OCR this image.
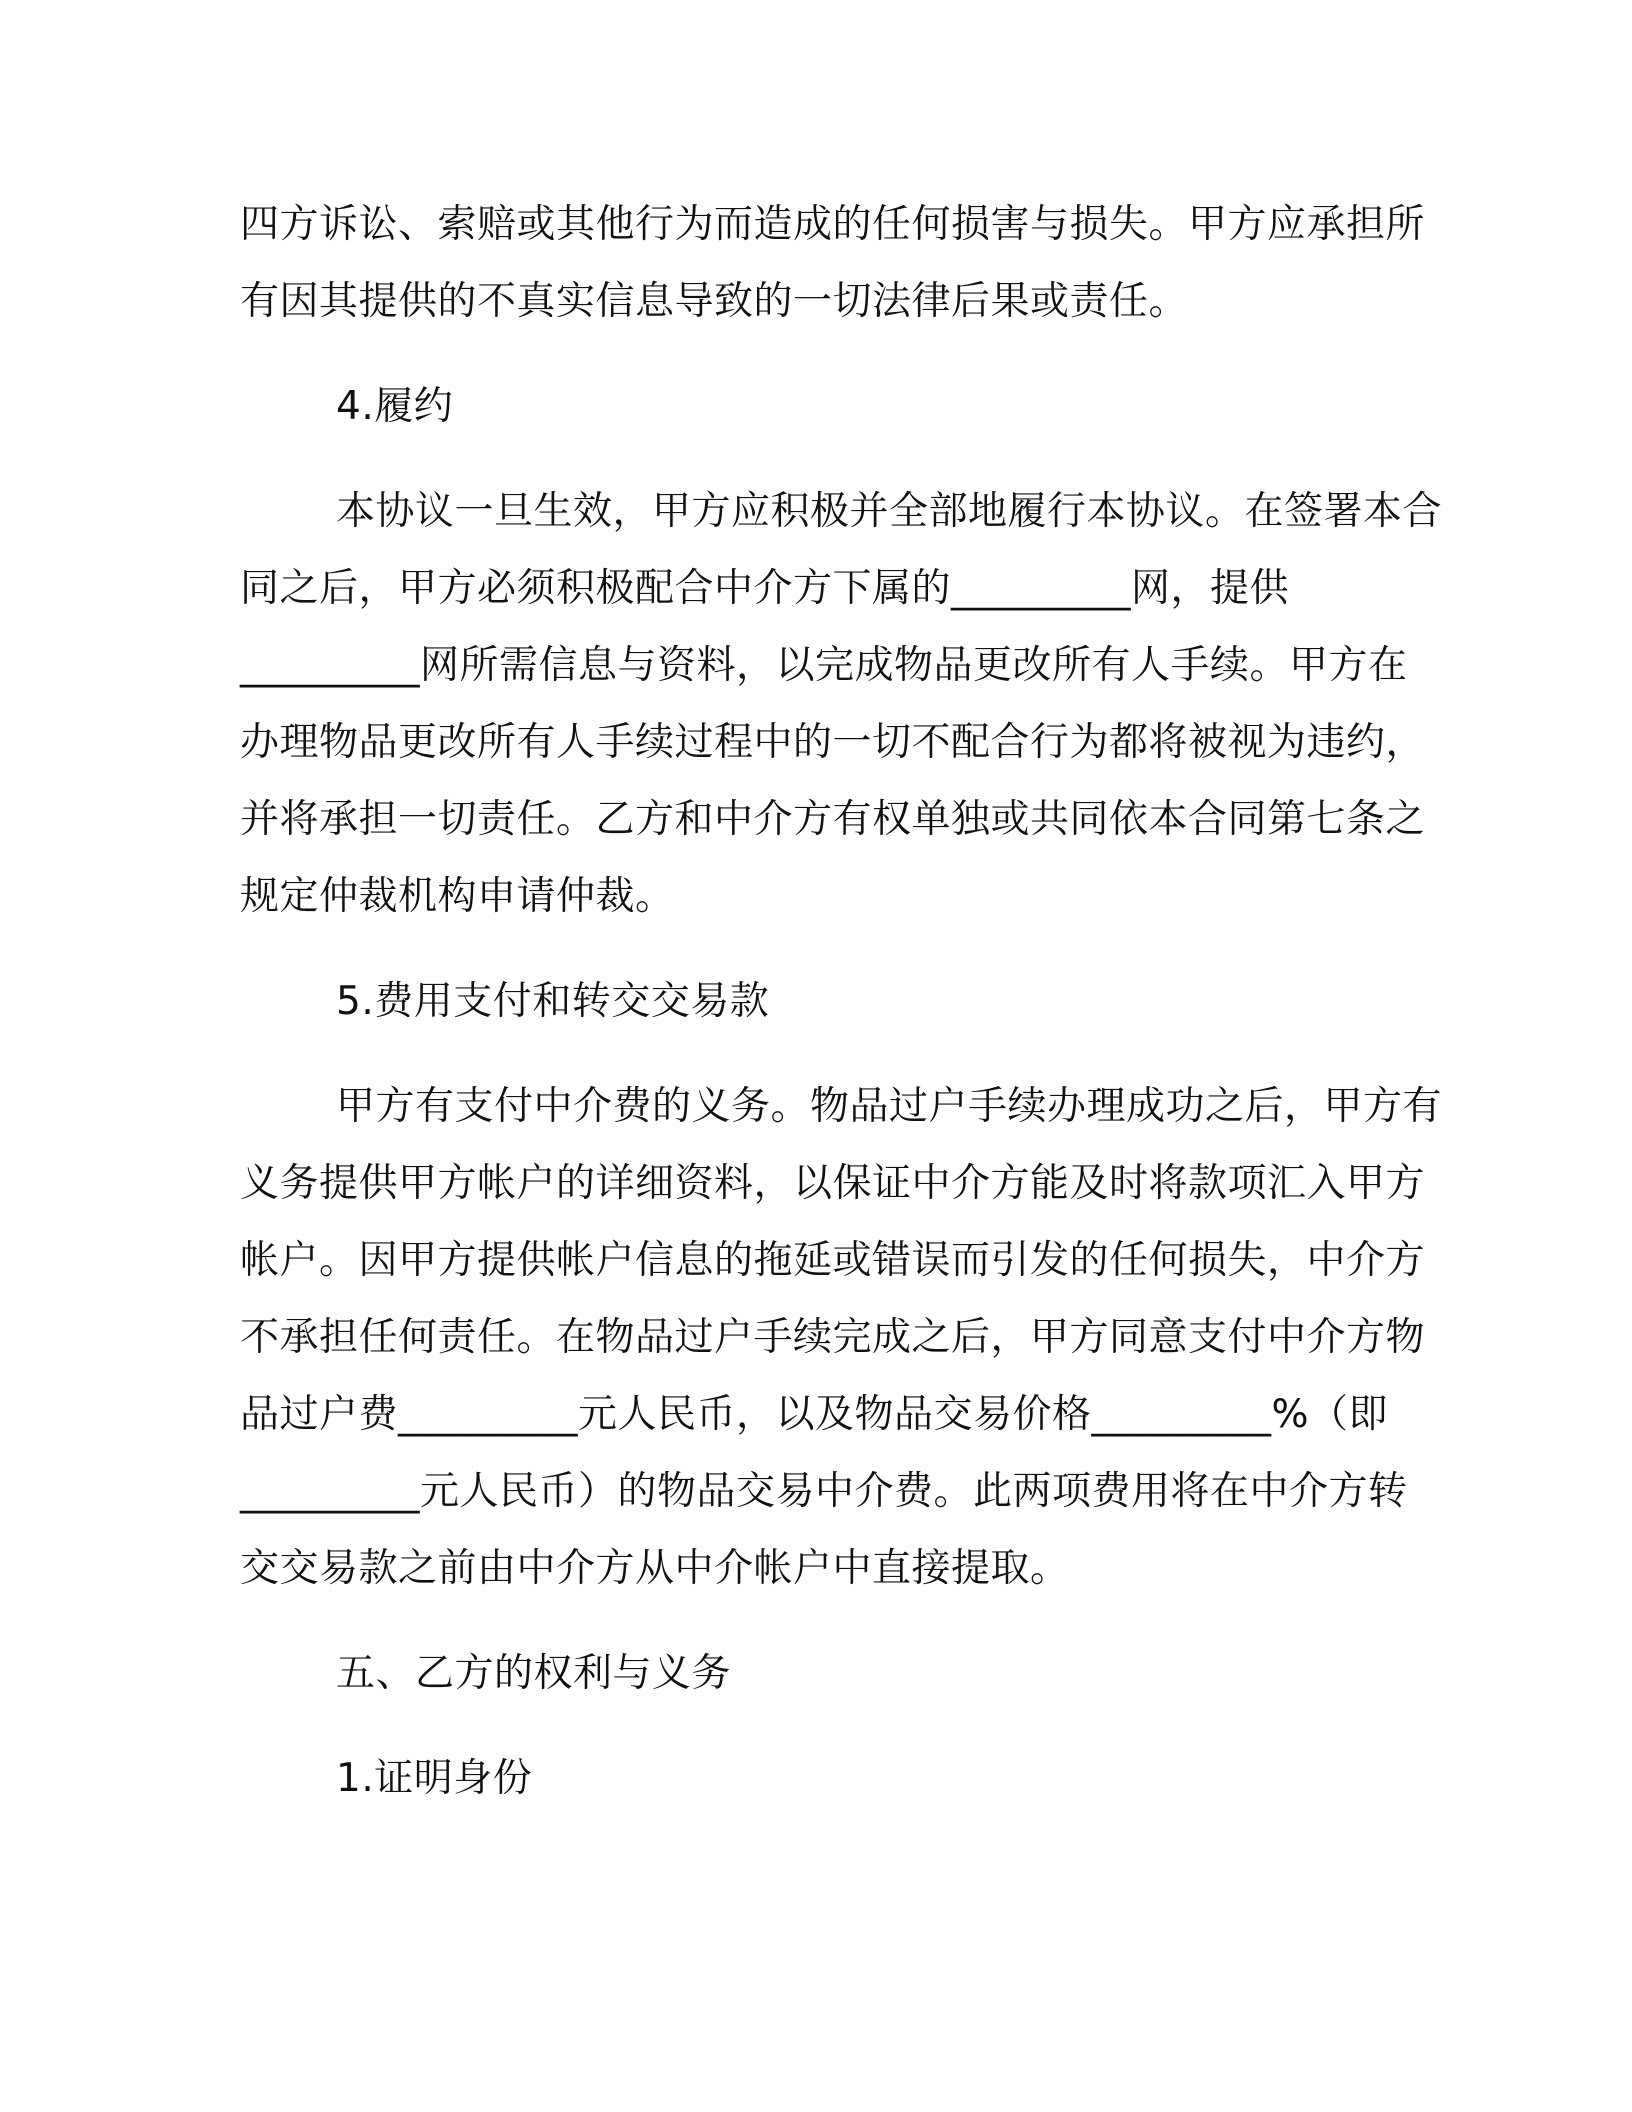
四方诉讼、索赔或其他行为而造成的任何损害与损失。甲方应承担所
有因其提供的不真实信息导致的一切法律后果或责任。
4.履约
本协议一旦生效，甲方应积极并全部地履行本协议。在签署本合
同之后，甲方必须积极配合中介方下属的_________网，提供
_________网所需信息与资料，以完成物品更改所有人手续。甲方在
办理物品更改所有人手续过程中的一切不配合行为都将被视为违约，
并将承担一切责任。乙方和中介方有权单独或共同依本合同第七条之
规定仲裁机构申请仲裁。
5.费用支付和转交交易款
甲方有支付中介费的义务。物品过户手续办理成功之后，甲方有
义务提供甲方帐户的详细资料，以保证中介方能及时将款项汇入甲方
帐户。因甲方提供帐户信息的拖延或错误而引发的任何损失，中介方
不承担任何责任。在物品过户手续完成之后，甲方同意支付中介方物
品过户费_________元人民币，以及物品交易价格_________%（即
_________元人民币）的物品交易中介费。此两项费用将在中介方转
交交易款之前由中介方从中介帐户中直接提取。
五、乙方的权利与义务
1.证明身份
